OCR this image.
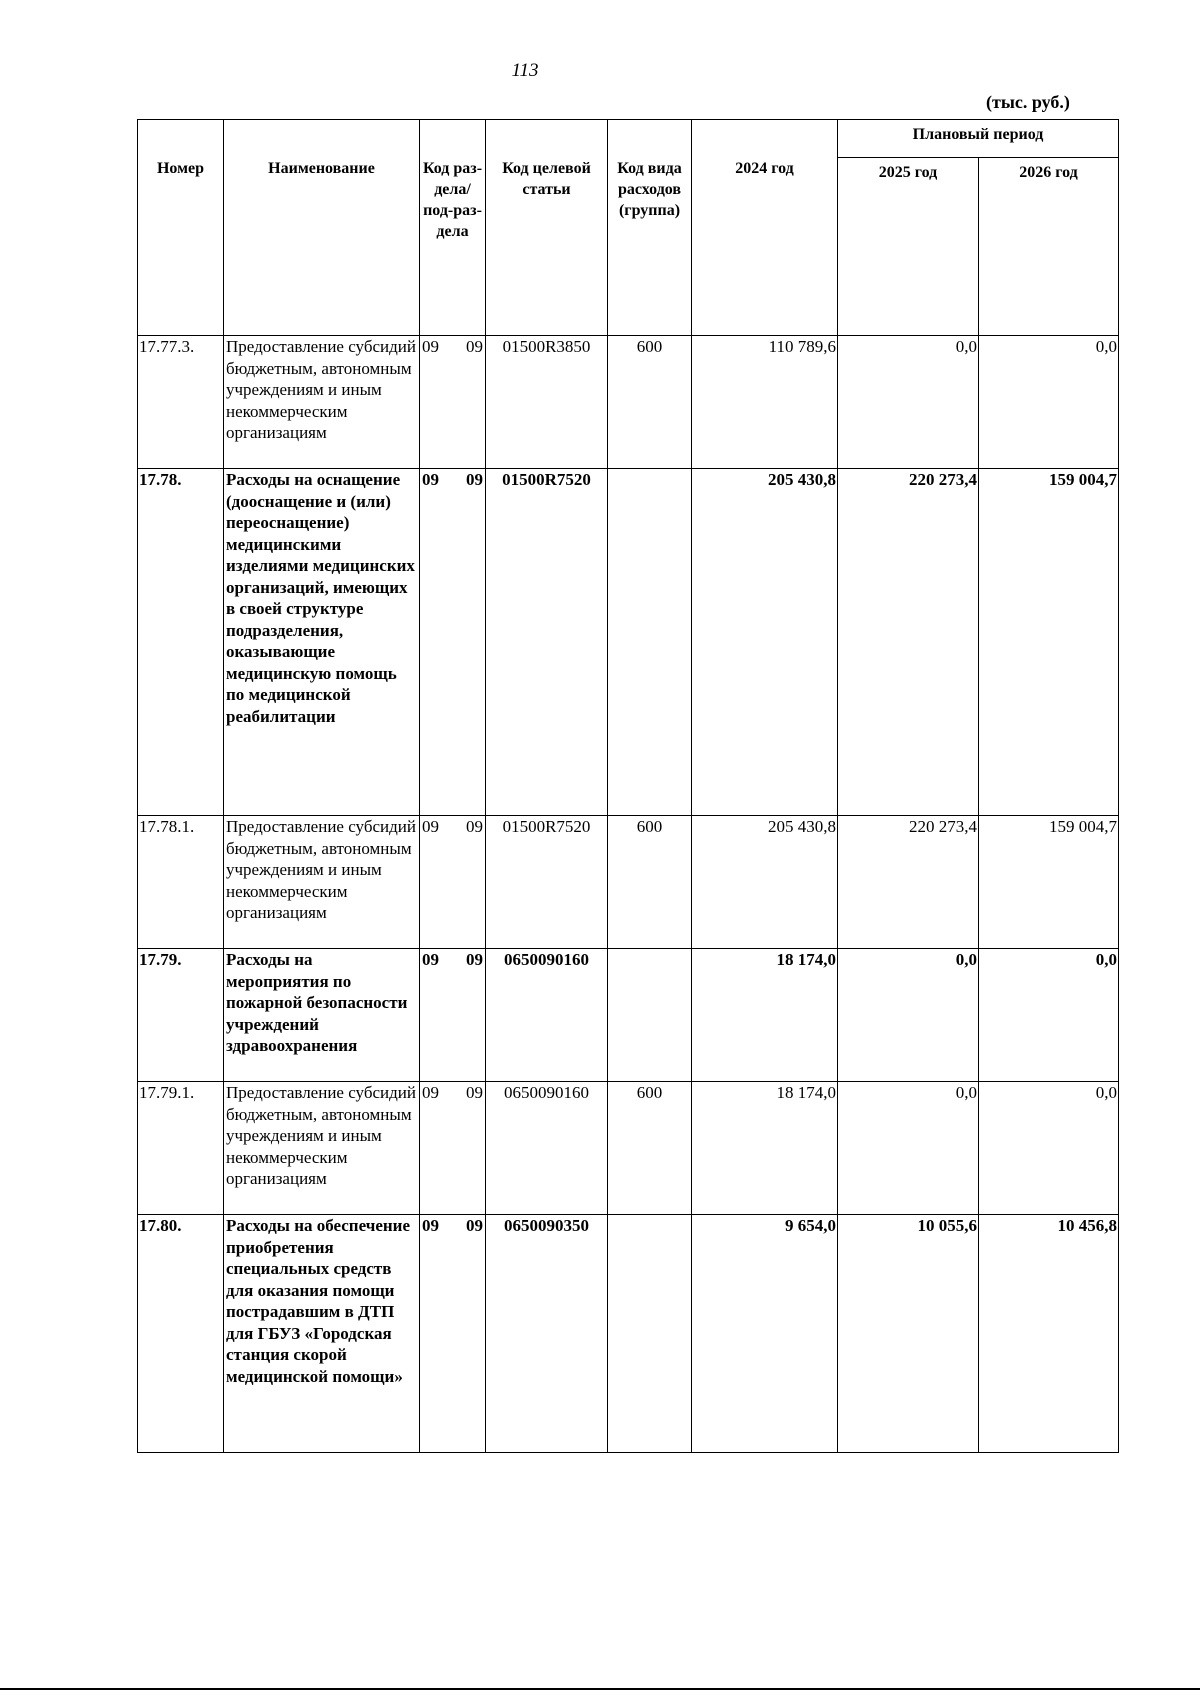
113
(тыс. руб.)
Номер	Наименование	Код раз-дела/ под-раз-дела	Код целевой статьи	Код вида расходов (группа)	2024 год	Плановый период	
						2025 год	2026 год
17.77.3.	Предоставление субсидий бюджетным, автономным учреждениям и иным некоммерческим организациям	09 09	01500R3850	600	110 789,6	0,0	0,0
17.78.	Расходы на оснащение (дооснащение и (или) переоснащение) медицинскими изделиями медицинских организаций, имеющих в своей структуре подразделения, оказывающие медицинскую помощь по медицинской реабилитации	09 09	01500R7520		205 430,8	220 273,4	159 004,7
17.78.1.	Предоставление субсидий бюджетным, автономным учреждениям и иным некоммерческим организациям	09 09	01500R7520	600	205 430,8	220 273,4	159 004,7
17.79.	Расходы на мероприятия по пожарной безопасности учреждений здравоохранения	09 09	0650090160		18 174,0	0,0	0,0
17.79.1.	Предоставление субсидий бюджетным, автономным учреждениям и иным некоммерческим организациям	09 09	0650090160	600	18 174,0	0,0	0,0
17.80.	Расходы на обеспечение приобретения специальных средств для оказания помощи пострадавшим в ДТП для ГБУЗ «Городская станция скорой медицинской помощи»	09 09	0650090350		9 654,0	10 055,6	10 456,8
